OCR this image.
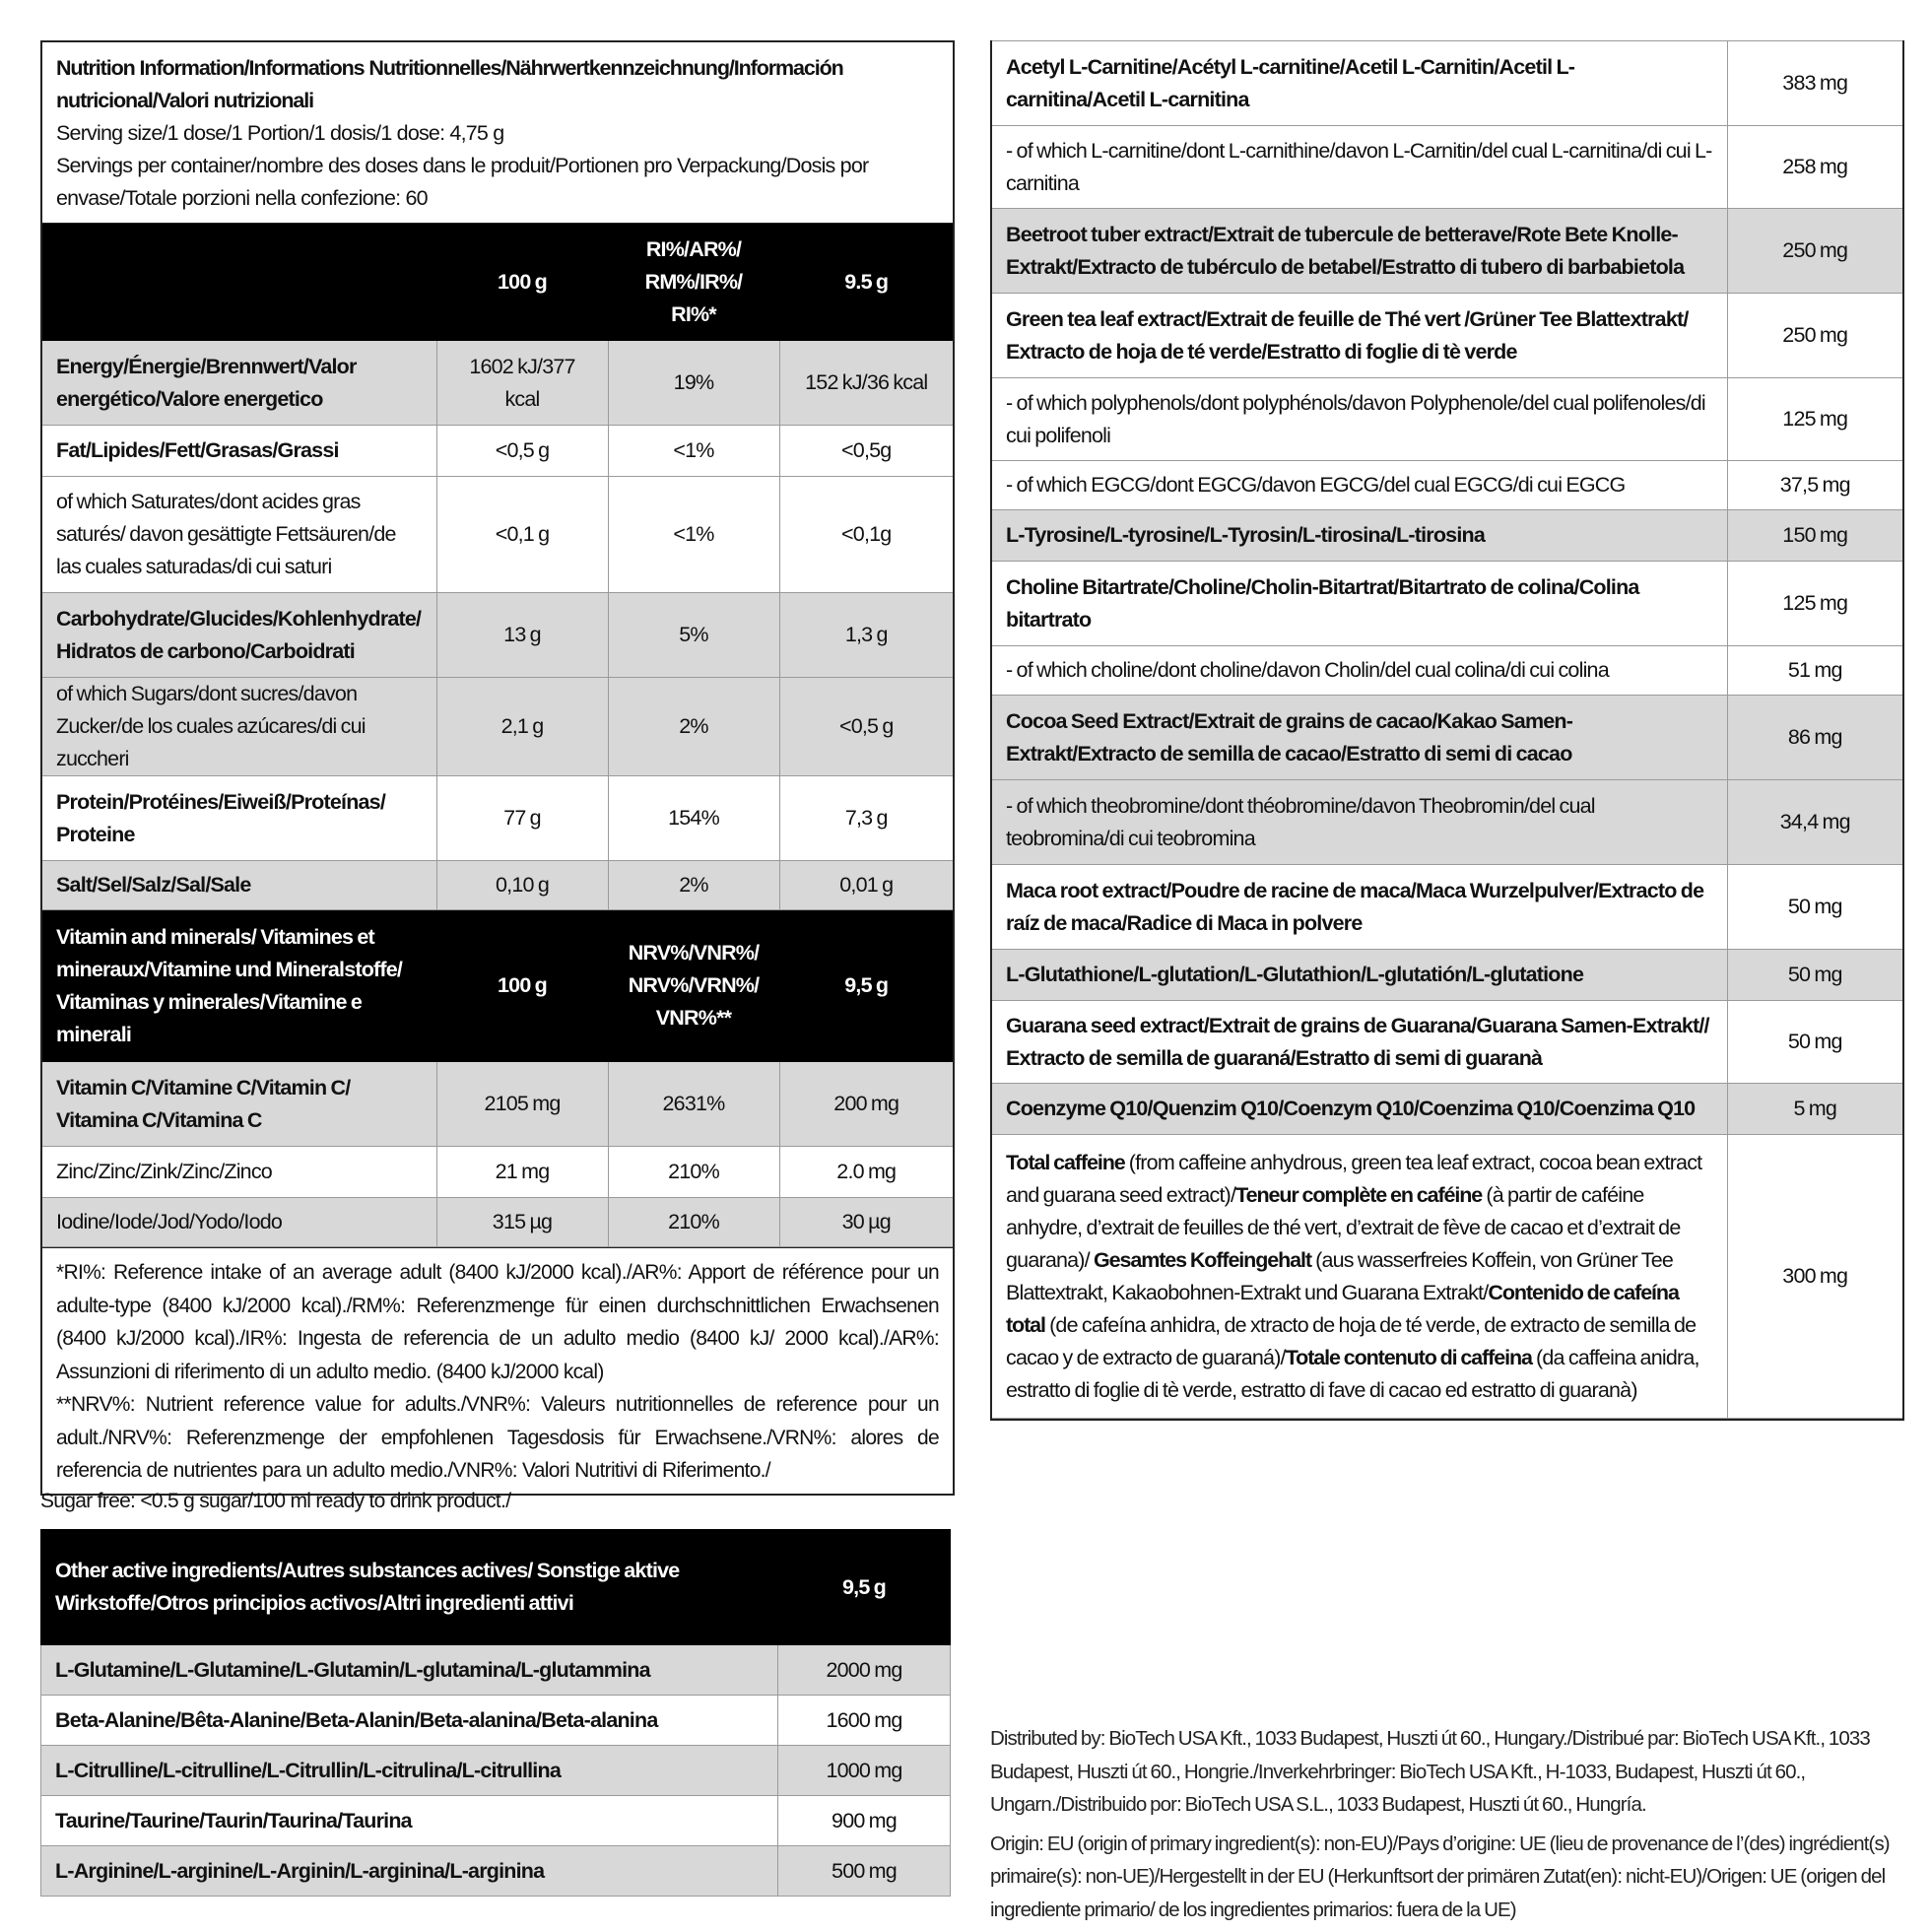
Nutrition Information/Informations Nutritionnelles/Nährwertkennzeichnung/Información nutricional/Valori nutrizionali
Serving size/1 dose/1 Portion/1 dosis/1 dose: 4,75 g
Servings per container/nombre des doses dans le produit/Portionen pro Verpackung/Dosis por envase/Totale porzioni nella confezione: 60
	100 g	RI%/AR%/ RM%/IR%/ RI%*	9.5 g
Energy/Énergie/Brennwert/Valor energético/Valore energetico	1602 kJ/377 kcal	19%	152 kJ/36 kcal
Fat/Lipides/Fett/Grasas/Grassi	<0,5 g	<1%	<0,5g
of which Saturates/dont acides gras saturés/ davon gesättigte Fettsäuren/de las cuales saturadas/di cui saturi	<0,1 g	<1%	<0,1g
Carbohydrate/Glucides/Kohlenhydrate/ Hidratos de carbono/Carboidrati	13 g	5%	1,3 g
of which Sugars/dont sucres/davon Zucker/de los cuales azúcares/di cui zuccheri	2,1 g	2%	<0,5 g
Protein/Protéines/Eiweiß/Proteínas/ Proteine	77 g	154%	7,3 g
Salt/Sel/Salz/Sal/Sale	0,10 g	2%	0,01 g
Vitamin and minerals/ Vitamines et mineraux/Vitamine und Mineralstoffe/ Vitaminas y minerales/Vitamine e minerali	100 g	NRV%/VNR%/ NRV%/VRN%/ VNR%**	9,5 g
Vitamin C/Vitamine C/Vitamin C/ Vitamina C/Vitamina C	2105 mg	2631%	200 mg
Zinc/Zinc/Zink/Zinc/Zinco	21 mg	210%	2.0 mg
Iodine/Iode/Jod/Yodo/Iodo	315 µg	210%	30 µg
*RI%: Reference intake of an average adult (8400 kJ/2000 kcal)./AR%: Apport de référence pour un adulte-type (8400 kJ/2000 kcal)./RM%: Referenzmenge für einen durchschnittlichen Erwachsenen (8400 kJ/2000 kcal)./IR%: Ingesta de referencia de un adulto medio (8400 kJ/ 2000 kcal)./AR%: Assunzioni di riferimento di un adulto medio. (8400 kJ/2000 kcal)
**NRV%: Nutrient reference value for adults./VNR%: Valeurs nutritionnelles de reference pour un adult./NRV%: Referenzmenge der empfohlenen Tagesdosis für Erwachsene./VRN%: alores de referencia de nutrientes para un adulto medio./VNR%: Valori Nutritivi di Riferimento./
Sugar free: <0.5 g sugar/100 ml ready to drink product./
Other active ingredients/Autres substances actives/ Sonstige aktive Wirkstoffe/Otros principios activos/Altri ingredienti attivi	9,5 g
L-Glutamine/L-Glutamine/L-Glutamin/L-glutamina/L-glutammina	2000 mg
Beta-Alanine/Bêta-Alanine/Beta-Alanin/Beta-alanina/Beta-alanina	1600 mg
L-Citrulline/L-citrulline/L-Citrullin/L-citrulina/L-citrullina	1000 mg
Taurine/Taurine/Taurin/Taurina/Taurina	900 mg
L-Arginine/L-arginine/L-Arginin/L-arginina/L-arginina	500 mg
Acetyl L-Carnitine/Acétyl L-carnitine/Acetil L-Carnitin/Acetil L-carnitina/Acetil L-carnitina	383 mg
- of which L-carnitine/dont L-carnithine/davon L-Carnitin/del cual L-carnitina/di cui L-carnitina	258 mg
Beetroot tuber extract/Extrait de tubercule de betterave/Rote Bete Knolle-Extrakt/Extracto de tubérculo de betabel/Estratto di tubero di barbabietola	250 mg
Green tea leaf extract/Extrait de feuille de Thé vert /Grüner Tee Blattextrakt/ Extracto de hoja de té verde/Estratto di foglie di tè verde	250 mg
- of which polyphenols/dont polyphénols/davon Polyphenole/del cual polifenoles/di cui polifenoli	125 mg
- of which EGCG/dont EGCG/davon EGCG/del cual EGCG/di cui EGCG	37,5 mg
L-Tyrosine/L-tyrosine/L-Tyrosin/L-tirosina/L-tirosina	150 mg
Choline Bitartrate/Choline/Cholin-Bitartrat/Bitartrato de colina/Colina bitartrato	125 mg
- of which choline/dont choline/davon Cholin/del cual colina/di cui colina	51 mg
Cocoa Seed Extract/Extrait de grains de cacao/Kakao Samen-Extrakt/Extracto de semilla de cacao/Estratto di semi di cacao	86 mg
- of which theobromine/dont théobromine/davon Theobromin/del cual teobromina/di cui teobromina	34,4 mg
Maca root extract/Poudre de racine de maca/Maca Wurzelpulver/Extracto de raíz de maca/Radice di Maca in polvere	50 mg
L-Glutathione/L-glutation/L-Glutathion/L-glutatión/L-glutatione	50 mg
Guarana seed extract/Extrait de grains de Guarana/Guarana Samen-Extrakt// Extracto de semilla de guaraná/Estratto di semi di guaranà	50 mg
Coenzyme Q10/Quenzim Q10/Coenzym Q10/Coenzima Q10/Coenzima Q10	5 mg
Total caffeine (from caffeine anhydrous, green tea leaf extract, cocoa bean extract and guarana seed extract)/Teneur complète en caféine (à partir de caféine anhydre, d’extrait de feuilles de thé vert, d’extrait de fève de cacao et d’extrait de guarana)/ Gesamtes Koffeingehalt (aus wasserfreies Koffein, von Grüner Tee Blattextrakt, Kakaobohnen-Extrakt und Guarana Extrakt/Contenido de cafeína total (de cafeína anhidra, de xtracto de hoja de té verde, de extracto de semilla de cacao y de extracto de guaraná)/Totale contenuto di caffeina (da caffeina anidra, estratto di foglie di tè verde, estratto di fave di cacao ed estratto di guaranà)	300 mg

Distributed by: BioTech USA Kft., 1033 Budapest, Huszti út 60., Hungary./Distribué par: BioTech USA Kft., 1033 Budapest, Huszti út 60., Hongrie./Inverkehrbringer: BioTech USA Kft., H-1033, Budapest, Huszti út 60., Ungarn./Distribuido por: BioTech USA S.L., 1033 Budapest, Huszti út 60., Hungría.

Origin: EU (origin of primary ingredient(s): non-EU)/Pays d’origine: UE (lieu de provenance de l’(des) ingrédient(s) primaire(s): non-UE)/Hergestellt in der EU (Herkunftsort der primären Zutat(en): nicht-EU)/Origen: UE (origen del ingrediente primario/ de los ingredientes primarios: fuera de la UE)
